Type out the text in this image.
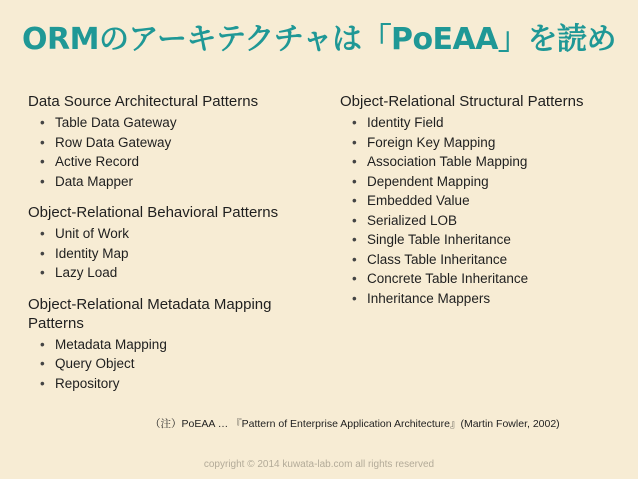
ORMのアーキテクチャは「PoEAA」を読め
Data Source Architectural Patterns
• Table Data Gateway
• Row Data Gateway
• Active Record
• Data Mapper
Object-Relational Behavioral Patterns
• Unit of Work
• Identity Map
• Lazy Load
Object-Relational Metadata Mapping Patterns
• Metadata Mapping
• Query Object
• Repository
Object-Relational Structural Patterns
• Identity Field
• Foreign Key Mapping
• Association Table Mapping
• Dependent Mapping
• Embedded Value
• Serialized LOB
• Single Table Inheritance
• Class Table Inheritance
• Concrete Table Inheritance
• Inheritance Mappers
（注）PoEAA … 『Pattern of Enterprise Application Architecture』(Martin Fowler, 2002)
copyright © 2014 kuwata-lab.com all rights reserved
